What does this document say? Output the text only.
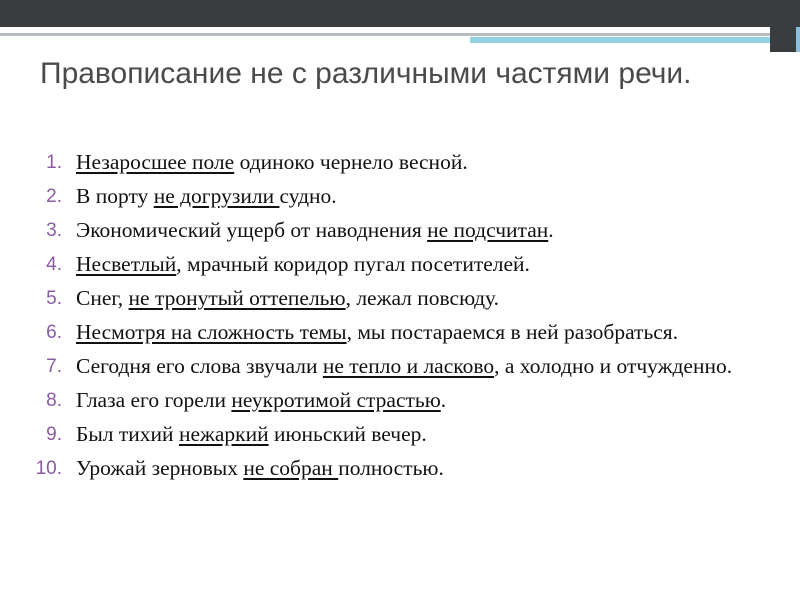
Правописание не с различными частями речи.
1. Незаросшее поле одиноко чернело весной.
2. В порту не догрузили судно.
3. Экономический ущерб от наводнения не подсчитан.
4. Несветлый, мрачный коридор пугал посетителей.
5. Снег, не тронутый оттепелью, лежал повсюду.
6. Несмотря на сложность темы, мы постараемся в ней разобраться.
7. Сегодня его слова звучали не тепло и ласково, а холодно и отчужденно.
8. Глаза его горели неукротимой страстью.
9. Был тихий нежаркий июньский вечер.
10. Урожай зерновых не собран полностью.
